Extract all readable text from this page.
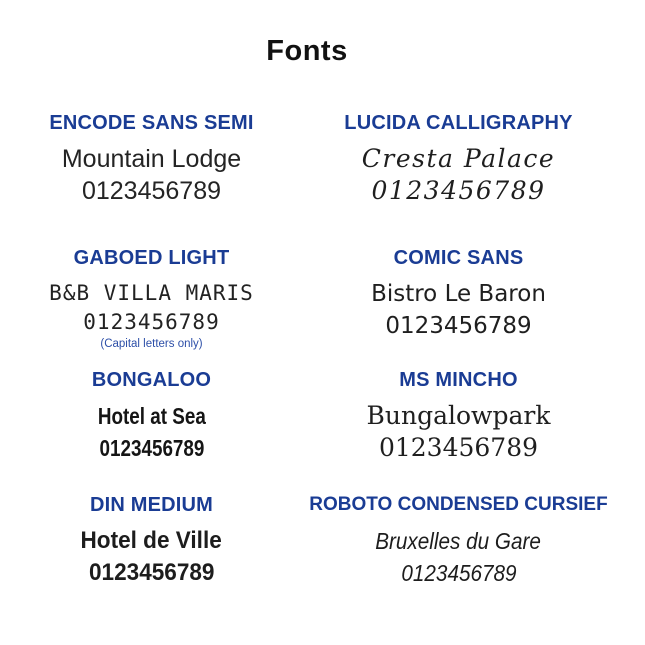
Fonts
ENCODE SANS SEMI
Mountain Lodge
0123456789
LUCIDA CALLIGRAPHY
Cresta Palace
0123456789
GABOED LIGHT
B&B VILLA MARIS
0123456789
(Capital letters only)
COMIC SANS
Bistro Le Baron
0123456789
BONGALOO
Hotel at Sea
0123456789
MS MINCHO
Bungalowpark
0123456789
DIN MEDIUM
Hotel de Ville
0123456789
ROBOTO CONDENSED CURSIEF
Bruxelles du Gare
0123456789
